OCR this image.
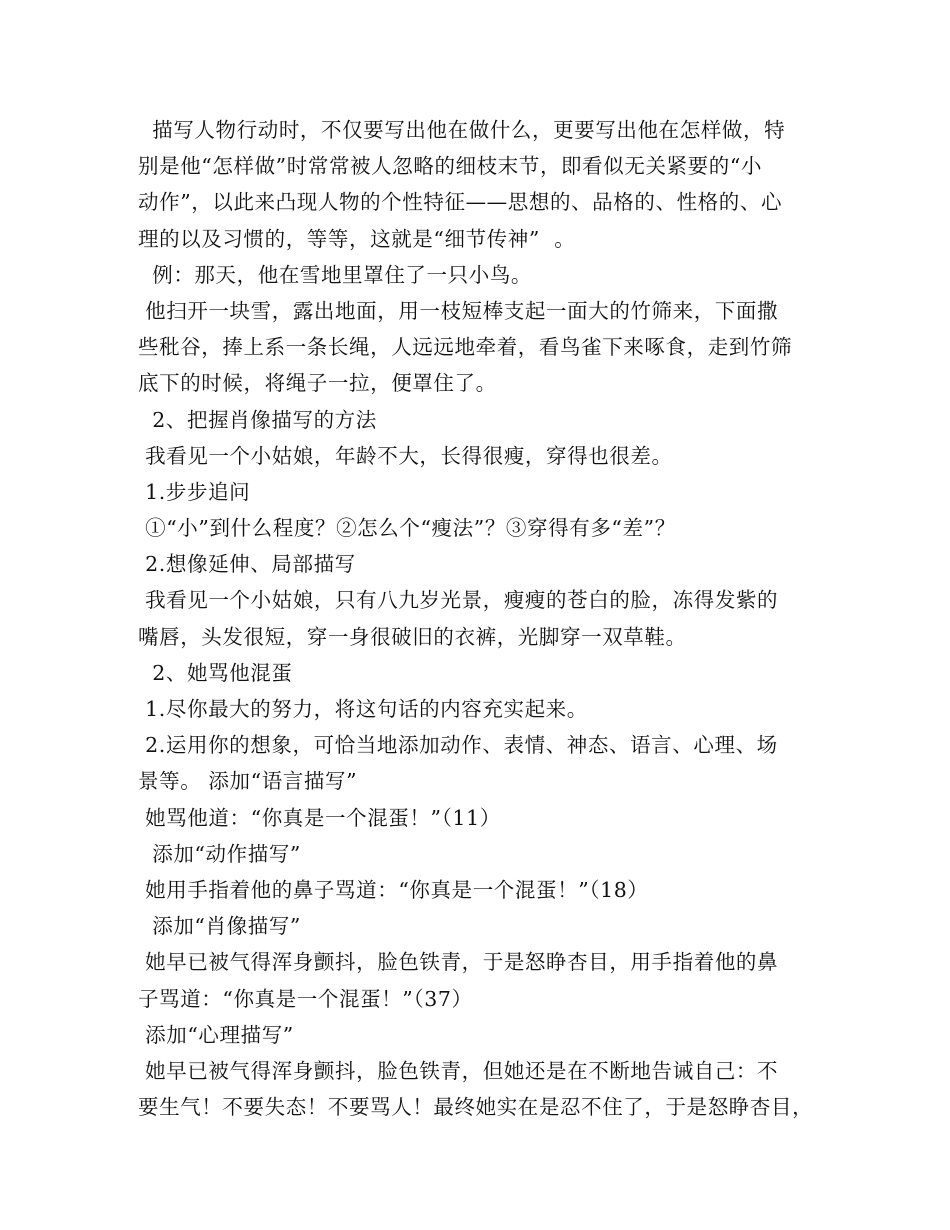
描写人物行动时，不仅要写出他在做什么，更要写出他在怎样做，特
别是他“怎样做”时常常被人忽略的细枝末节，即看似无关紧要的“小
动作”，以此来凸现人物的个性特征——思想的、品格的、性格的、心
理的以及习惯的，等等，这就是“细节传神”  。
例：那天，他在雪地里罩住了一只小鸟。
他扫开一块雪，露出地面，用一枝短棒支起一面大的竹筛来，下面撒
些秕谷，捧上系一条长绳，人远远地牵着，看鸟雀下来啄食，走到竹筛
底下的时候，将绳子一拉，便罩住了。
2、把握肖像描写的方法
我看见一个小姑娘，年龄不大，长得很瘦，穿得也很差。
1.步步追问
①“小”到什么程度？②怎么个“瘦法”？③穿得有多“差”？
2.想像延伸、局部描写
我看见一个小姑娘，只有八九岁光景，瘦瘦的苍白的脸，冻得发紫的
嘴唇，头发很短，穿一身很破旧的衣裤，光脚穿一双草鞋。
2、她骂他混蛋
1.尽你最大的努力，将这句话的内容充实起来。
2.运用你的想象，可恰当地添加动作、表情、神态、语言、心理、场
景等。 添加“语言描写”
她骂他道：“你真是一个混蛋！”（11）
添加“动作描写”
她用手指着他的鼻子骂道：“你真是一个混蛋！”（18）
添加“肖像描写”
她早已被气得浑身颤抖，脸色铁青，于是怒睁杏目，用手指着他的鼻
子骂道：“你真是一个混蛋！”（37）
添加“心理描写”
她早已被气得浑身颤抖，脸色铁青，但她还是在不断地告诫自己：不
要生气！不要失态！不要骂人！最终她实在是忍不住了，于是怒睁杏目，
